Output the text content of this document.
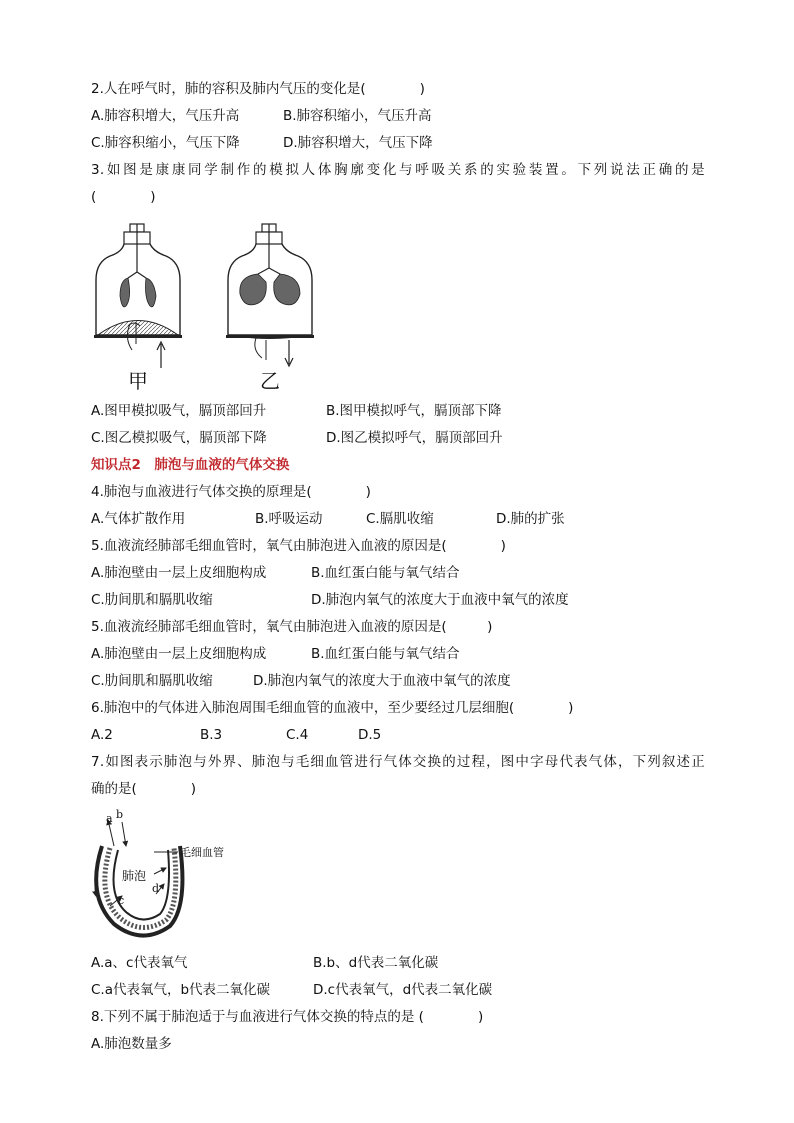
2.人在呼气时，肺的容积及肺内气压的变化是(　　　　)
A.肺容积增大，气压升高	B.肺容积缩小，气压升高
C.肺容积缩小，气压下降	D.肺容积增大，气压下降
3.如图是康康同学制作的模拟人体胸廓变化与呼吸关系的实验装置。下列说法正确的是
(　　　　)
甲	乙
A.图甲模拟吸气，膈顶部回升	B.图甲模拟呼气，膈顶部下降
C.图乙模拟吸气，膈顶部下降	D.图乙模拟呼气，膈顶部回升
知识点2　肺泡与血液的气体交换
4.肺泡与血液进行气体交换的原理是(　　　　)
A.气体扩散作用	B.呼吸运动	C.膈肌收缩	D.肺的扩张
5.血液流经肺部毛细血管时，氧气由肺泡进入血液的原因是(　　　　)
A.肺泡壁由一层上皮细胞构成	B.血红蛋白能与氧气结合
C.肋间肌和膈肌收缩	D.肺泡内氧气的浓度大于血液中氧气的浓度
5.血液流经肺部毛细血管时，氧气由肺泡进入血液的原因是(　　　)
A.肺泡壁由一层上皮细胞构成	B.血红蛋白能与氧气结合
C.肋间肌和膈肌收缩	D.肺泡内氧气的浓度大于血液中氧气的浓度
6.肺泡中的气体进入肺泡周围毛细血管的血液中，至少要经过几层细胞(　　　　)
A.2	B.3	C.4	D.5
7.如图表示肺泡与外界、肺泡与毛细血管进行气体交换的过程，图中字母代表气体，下列叙述正
确的是(　　　　)
a b
c
d
肺泡
毛细血管
A.a、c代表氧气	B.b、d代表二氧化碳
C.a代表氧气，b代表二氧化碳	D.c代表氧气，d代表二氧化碳
8.下列不属于肺泡适于与血液进行气体交换的特点的是 (　　　　)
A.肺泡数量多
